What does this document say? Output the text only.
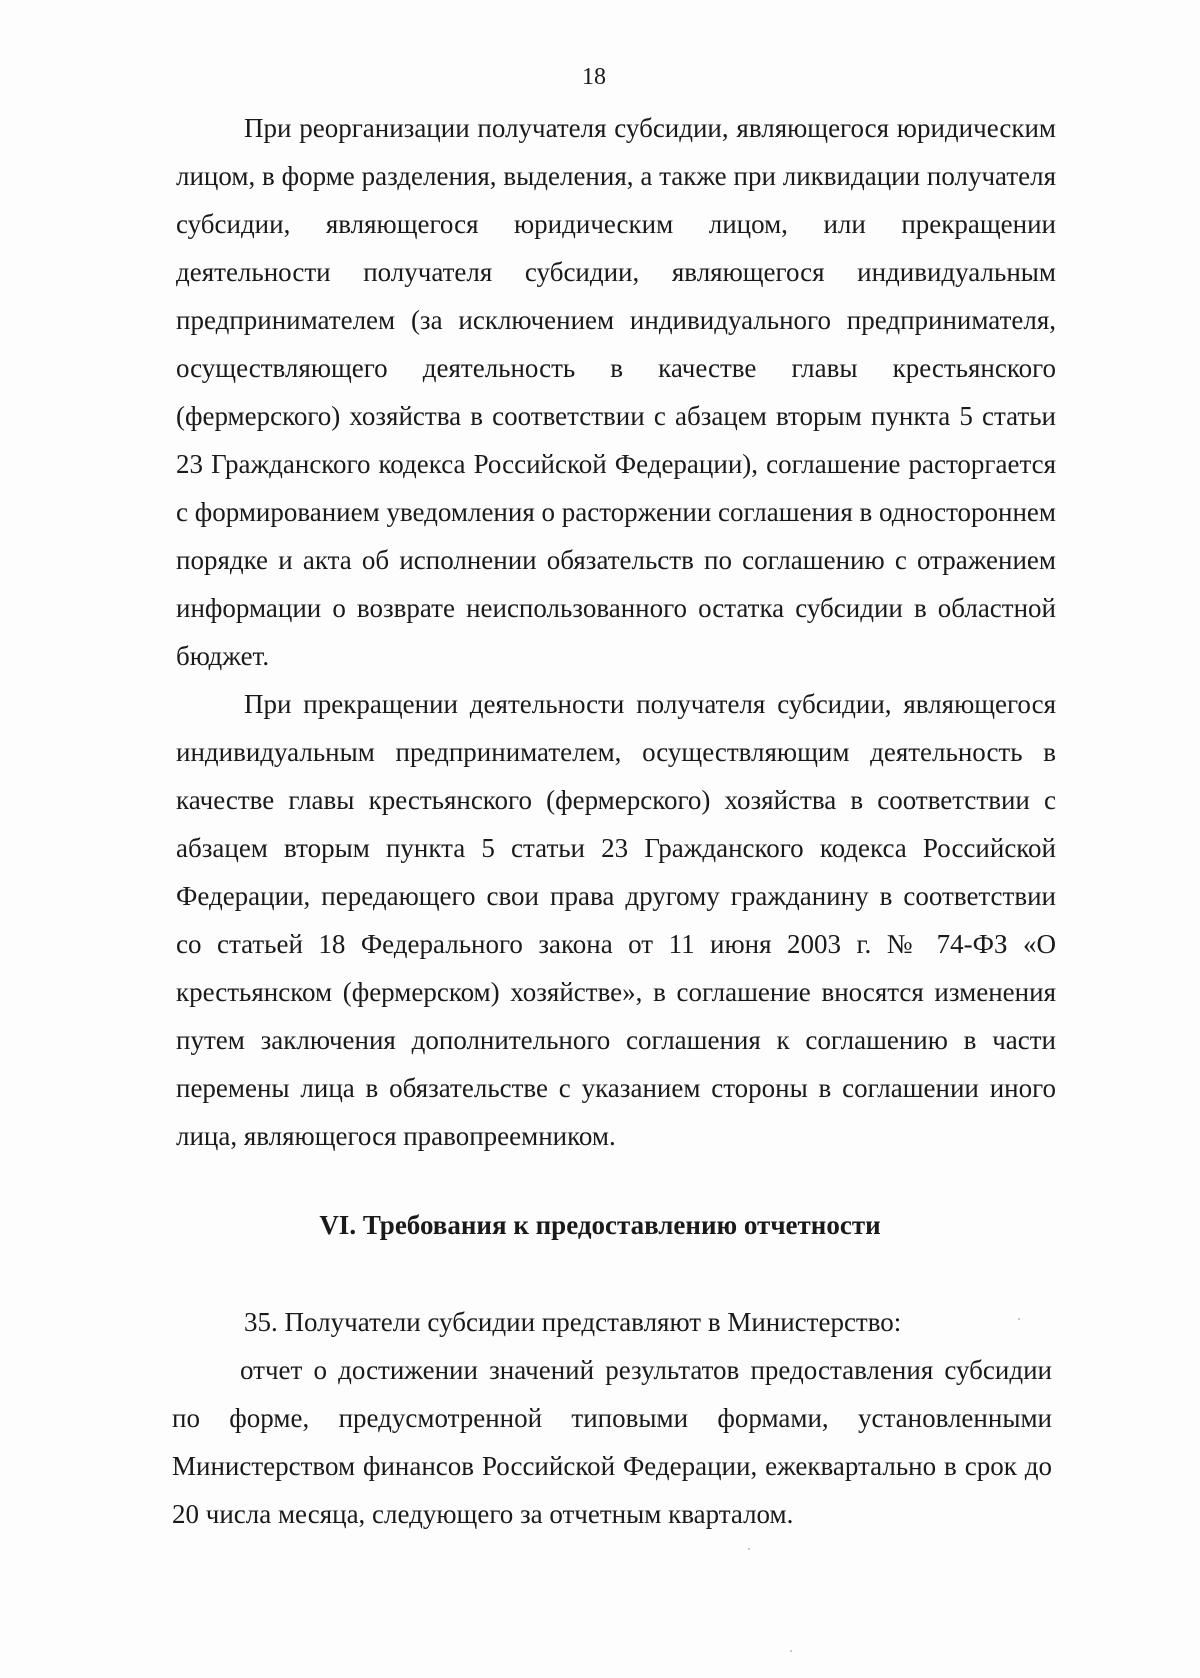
18

При реорганизации получателя субсидии, являющегося юридическим лицом, в форме разделения, выделения, а также при ликвидации получателя субсидии, являющегося юридическим лицом, или прекращении деятельности получателя субсидии, являющегося индивидуальным предпринимателем (за исключением индивидуального предпринимателя, осуществляющего деятельность в качестве главы крестьянского (фермерского) хозяйства в соответствии с абзацем вторым пункта 5 статьи 23 Гражданского кодекса Российской Федерации), соглашение расторгается с формированием уведомления о расторжении соглашения в одностороннем порядке и акта об исполнении обязательств по соглашению с отражением информации о возврате неиспользованного остатка субсидии в областной бюджет.

При прекращении деятельности получателя субсидии, являющегося индивидуальным предпринимателем, осуществляющим деятельность в качестве главы крестьянского (фермерского) хозяйства в соответствии с абзацем вторым пункта 5 статьи 23 Гражданского кодекса Российской Федерации, передающего свои права другому гражданину в соответствии со статьей 18 Федерального закона от 11 июня 2003 г. № 74-ФЗ «О крестьянском (фермерском) хозяйстве», в соглашение вносятся изменения путем заключения дополнительного соглашения к соглашению в части перемены лица в обязательстве с указанием стороны в соглашении иного лица, являющегося правопреемником.

VI. Требования к предоставлению отчетности

35. Получатели субсидии представляют в Министерство:

отчет о достижении значений результатов предоставления субсидии по форме, предусмотренной типовыми формами, установленными Министерством финансов Российской Федерации, ежеквартально в срок до 20 числа месяца, следующего за отчетным кварталом.
